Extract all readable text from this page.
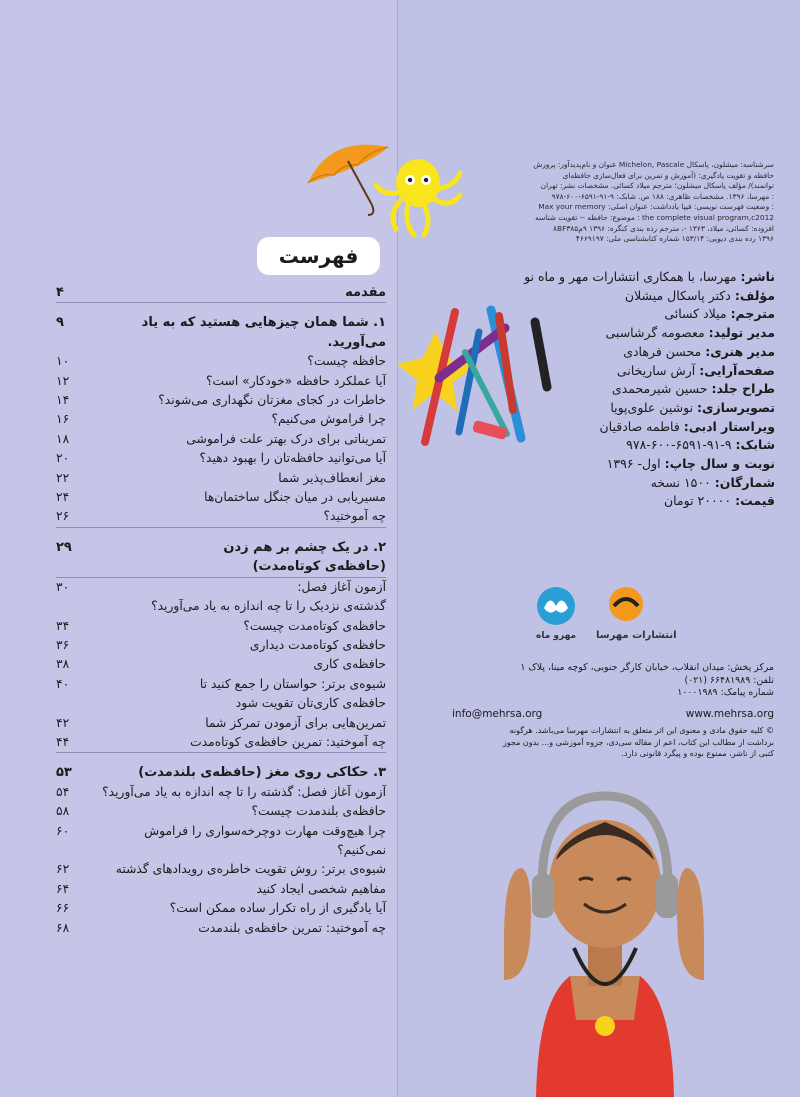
فهرست
مقدمه
۴
۱. شما همان چیزهایی هستید که به یاد می‌آورید.
۹
حافظه چیست؟
۱۰
آیا عملکرد حافظه «خودکار» است؟
۱۲
خاطرات در کجای مغزتان نگهداری می‌شوند؟
۱۴
چرا فراموش می‌کنیم؟
۱۶
تمریناتی برای درک بهتر علت فراموشی
۱۸
آیا می‌توانید حافظه‌تان را بهبود دهید؟
۲۰
مغز انعطاف‌پذیر شما
۲۲
مسیریابی در میان جنگل ساختمان‌ها
۲۴
چه آموختید؟
۲۶
۲. در یک چشم بر هم زدن
(حافظه‌ی کوتاه‌مدت)
۲۹
آزمون آغاز فصل:
گذشته‌ی نزدیک را تا چه اندازه به یاد می‌آورید؟
۳۰
حافظه‌ی کوتاه‌مدت چیست؟
۳۴
حافظه‌ی کوتاه‌مدت دیداری
۳۶
حافظه‌ی کاری
۳۸
شیوه‌ی برتر: حواستان را جمع کنید تا
حافظه‌ی کاری‌تان تقویت شود
۴۰
تمرین‌هایی برای آزمودن تمرکز شما
۴۲
چه آموختید: تمرین حافظه‌ی کوتاه‌مدت
۴۴
۳. حکاکی روی مغز (حافظه‌ی بلندمدت)
۵۳
آزمون آغاز فصل: گذشته را تا چه اندازه به یاد می‌آورید؟
۵۴
حافظه‌ی بلندمدت چیست؟
۵۸
چرا هیچ‌وقت مهارت دوچرخه‌سواری را فراموش نمی‌کنیم؟
۶۰
شیوه‌ی برتر: روش تقویت خاطره‌ی رویدادهای گذشته
۶۲
مفاهیم شخصی ایجاد کنید
۶۴
آیا یادگیری از راه تکرار ساده ممکن است؟
۶۶
چه آموختید: تمرین حافظه‌ی بلندمدت
۶۸
سرشناسه: میشلون، پاسکال Michelon, Pascale عنوان و نام‌پدیدآور: پرورش
حافظه و تقویت یادگیری: (آموزش و تمرین برای فعال‌سازی حافظه‌ای
توانمند)/ مؤلف پاسکال میشلون؛ مترجم میلاد کسائی. مشخصات نشر: تهران
: مهرسا، ۱۳۹۶. مشخصات ظاهری: ۱۸۸ ص. شابک: ۹-۹۱-۶۵۹۱-۶۰۰-۹۷۸
: وضعیت فهرست نویسی: فیپا یادداشت: عنوان اصلی: Max your memory
the complete visual program,c2012 : موضوع: حافظه -- تقویت شناسه
افزوده: کسائی، میلاد، ۱۳۶۳ -، مترجم رده بندی کنگره: ۱۳۹۶ ۹م۸BF۳۸۵
۱۳۹۶ رده بندی دیویی: ۱۵۳/۱۴ شماره کتابشناسی ملی: ۴۶۶۹۱۹۷
ناشر: مهرسا، با همکاری انتشارات مهر و ماه نو
مؤلف: دکتر پاسکال میشلان
مترجم: میلاد کسائی
مدیر تولید: معصومه گرشاسبی
مدیر هنری: محسن فرهادی
صفحه‌آرایی: آرش ساریخانی
طراح جلد: حسین شیرمحمدی
تصویرسازی: نوشین علوی‌پویا
ویراستار ادبی: فاطمه صادقیان
شابک: ۹-۹۱-۶۵۹۱-۶۰۰-۹۷۸
نوبت و سال چاپ: اول- ۱۳۹۶
شمارگان: ۱۵۰۰ نسخه
قیمت: ۲۰۰۰۰ تومان
مهرو ماه انتشارات مهرسا
مرکز پخش: میدان انقلاب، خیابان کارگر جنوبی، کوچه مینا، پلاک ۱
تلفن: ۶۶۴۸۱۹۸۹ (۰۲۱)
شماره پیامک: ۱۰۰۰۱۹۸۹
info@mehrsa.org	www.mehrsa.org
© کلیه حقوق مادی و معنوی این اثر متعلق به انتشارات مهرسا می‌باشد. هرگونه
برداشت از مطالب این کتاب، اعم از مقاله سی‌دی، جزوه آموزشی و... بدون مجوز
کتبی از ناشر، ممنوع بوده و پیگرد قانونی دارد.
